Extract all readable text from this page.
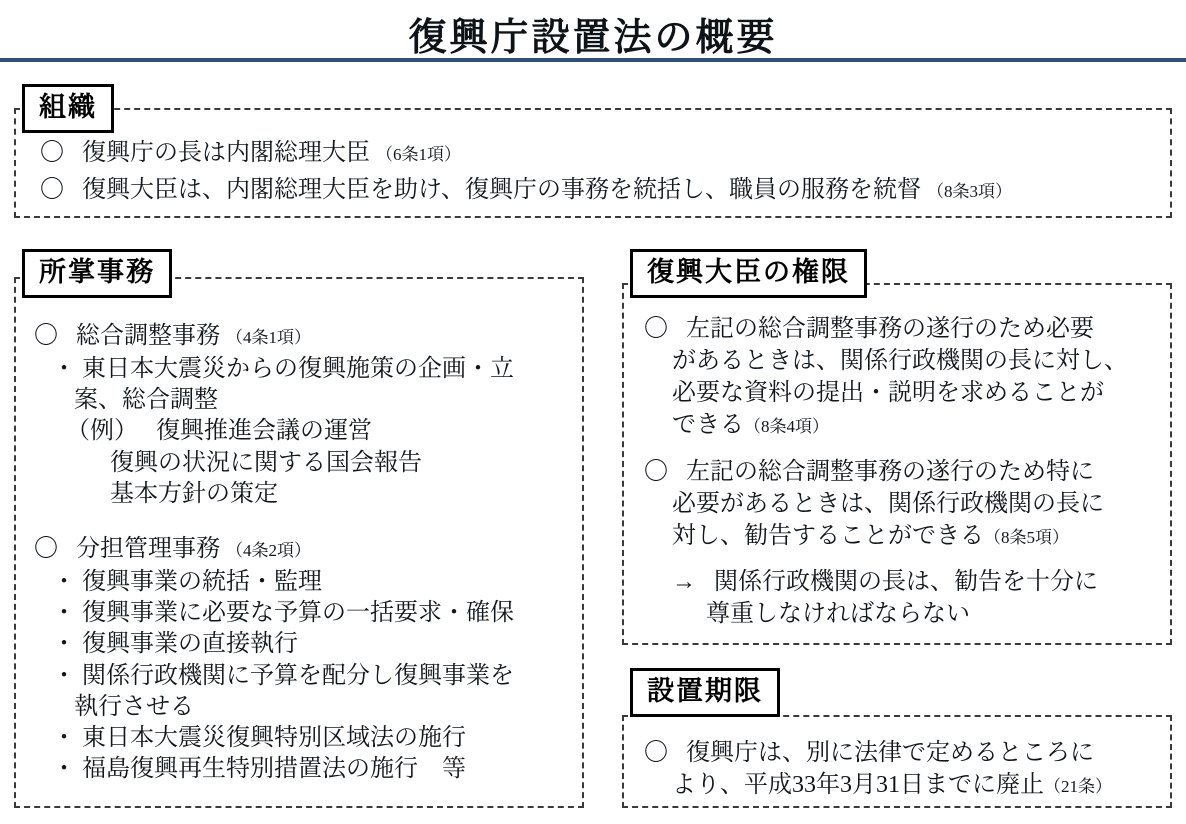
復興庁設置法の概要
組織
〇 復興庁の長は内閣総理大臣 （6条1項）
〇 復興大臣は、内閣総理大臣を助け、復興庁の事務を統括し、職員の服務を統督 （8条3項）
所掌事務
〇 総合調整事務 （4条1項）
・ 東日本大震災からの復興施策の企画・立
案、総合調整
（例） 復興推進会議の運営
復興の状況に関する国会報告
基本方針の策定
〇 分担管理事務 （4条2項）
・ 復興事業の統括・監理
・ 復興事業に必要な予算の一括要求・確保
・ 復興事業の直接執行
・ 関係行政機関に予算を配分し復興事業を
執行させる
・ 東日本大震災復興特別区域法の施行
・ 福島復興再生特別措置法の施行　等
復興大臣の権限
〇 左記の総合調整事務の遂行のため必要
があるときは、関係行政機関の長に対し、
必要な資料の提出・説明を求めることが
できる（8条4項）
〇 左記の総合調整事務の遂行のため特に
必要があるときは、関係行政機関の長に
対し、勧告することができる（8条5項）
→ 関係行政機関の長は、勧告を十分に
尊重しなければならない
設置期限
〇 復興庁は、別に法律で定めるところに
より、平成33年3月31日までに廃止（21条）
